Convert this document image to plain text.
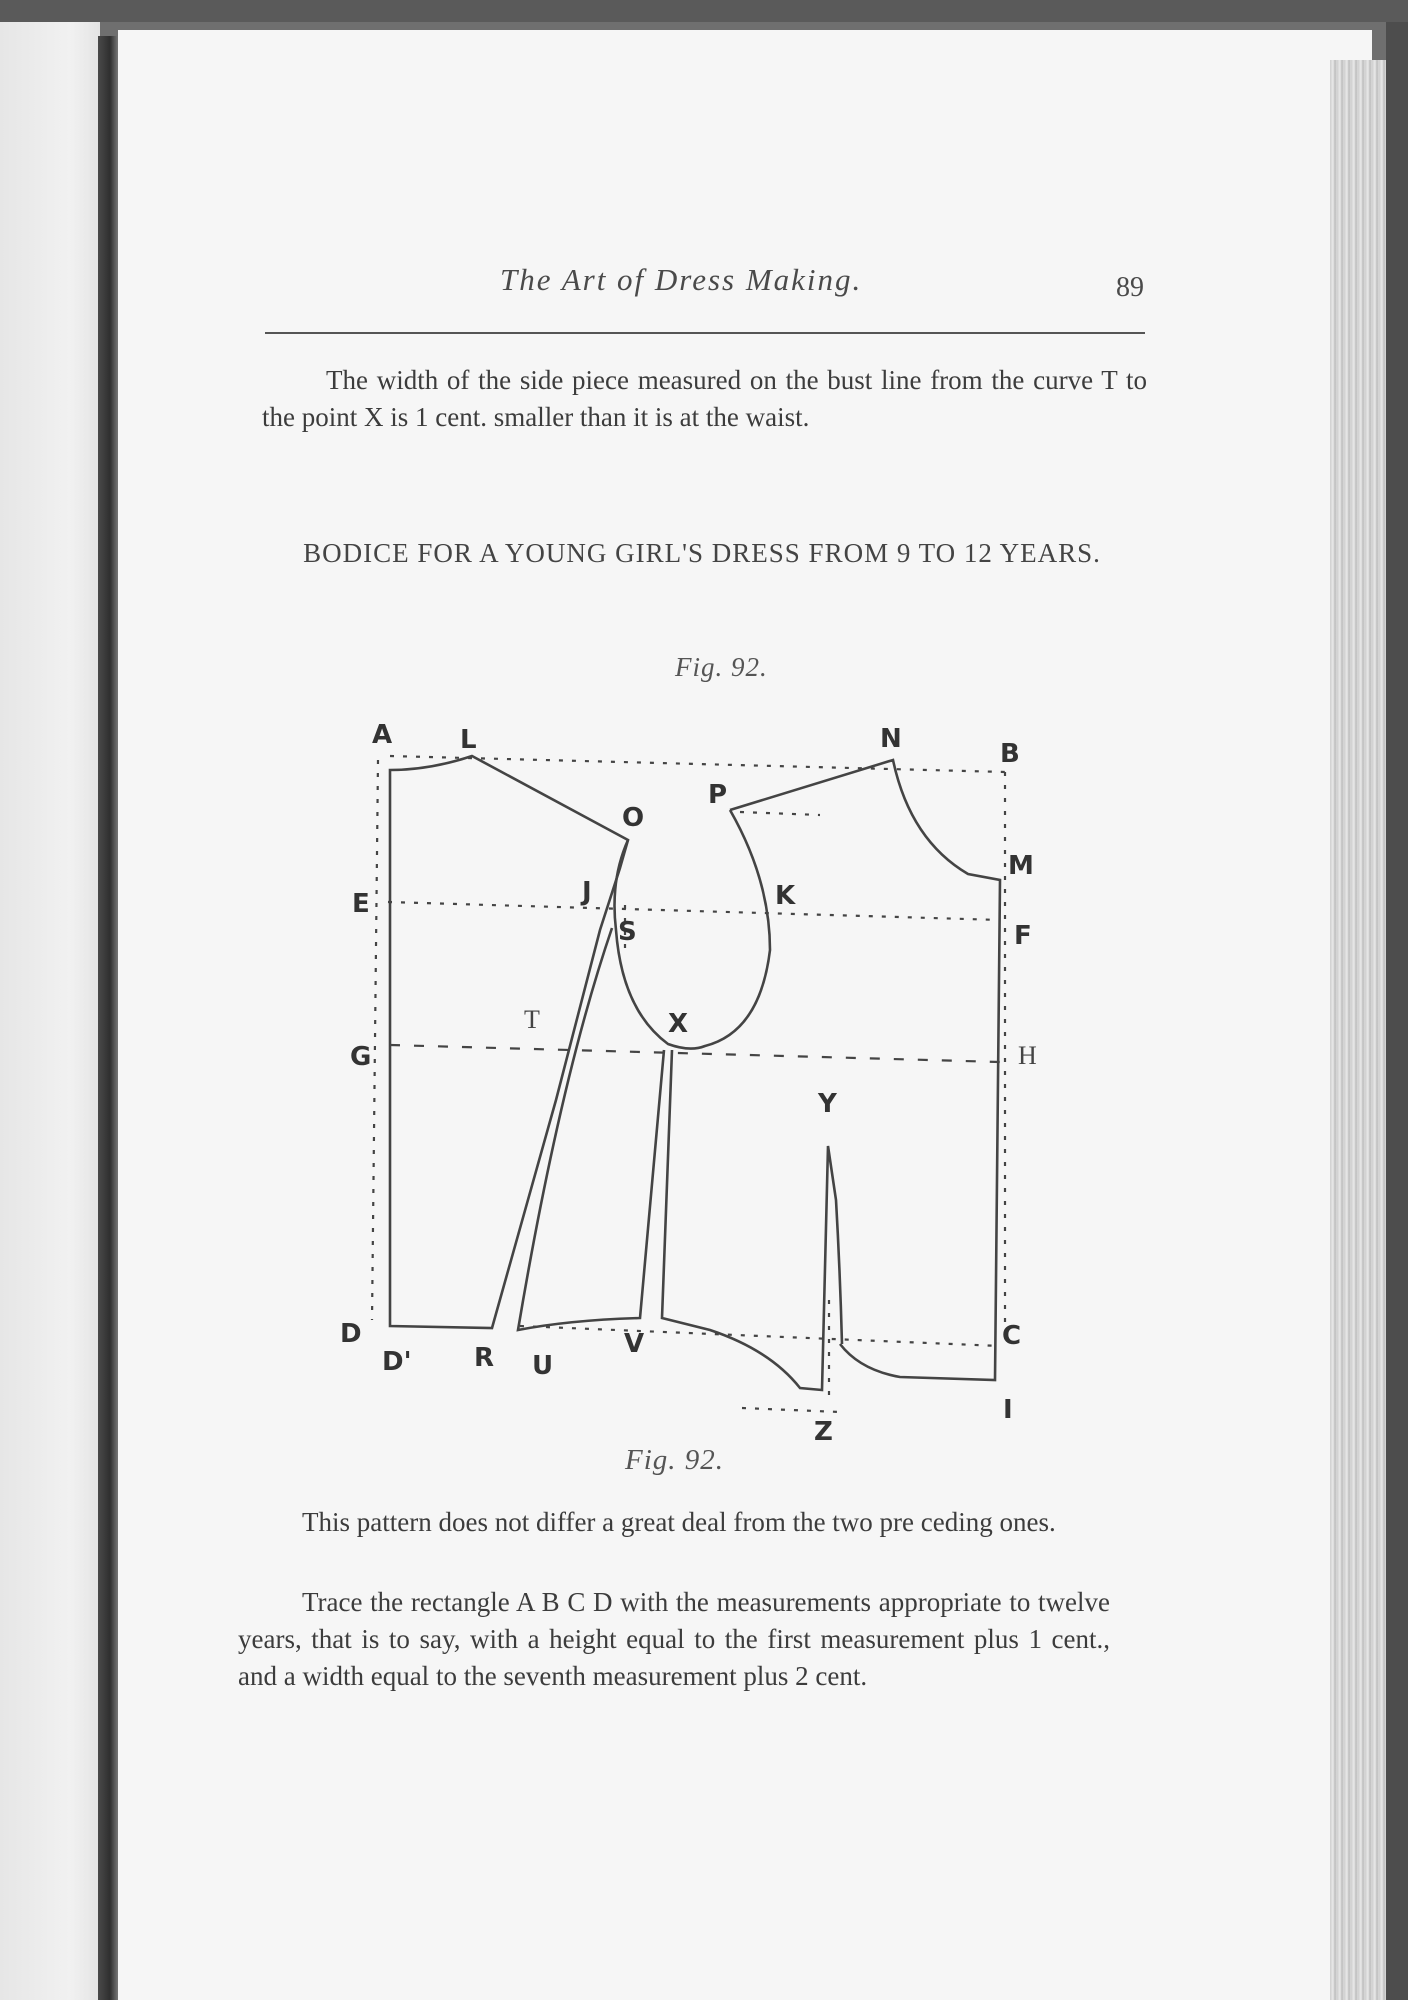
The Art of Dress Making.	89
The width of the side piece measured on the bust line from the curve T to the point X is 1 cent. smaller than it is at the waist.
BODICE FOR A YOUNG GIRL'S DRESS FROM 9 TO 12 YEARS.
Fig. 92.
A	L	N	B
P
O
M
E	J	K
S	F
T	X
G	H
Y
D
D' R U
V	C
I
Z
Fig. 92.
This pattern does not differ a great deal from the two pre ceding ones.
Trace the rectangle A B C D with the measurements appropriate to twelve years, that is to say, with a height equal to the first measurement plus 1 cent., and a width equal to the seventh measurement plus 2 cent.
